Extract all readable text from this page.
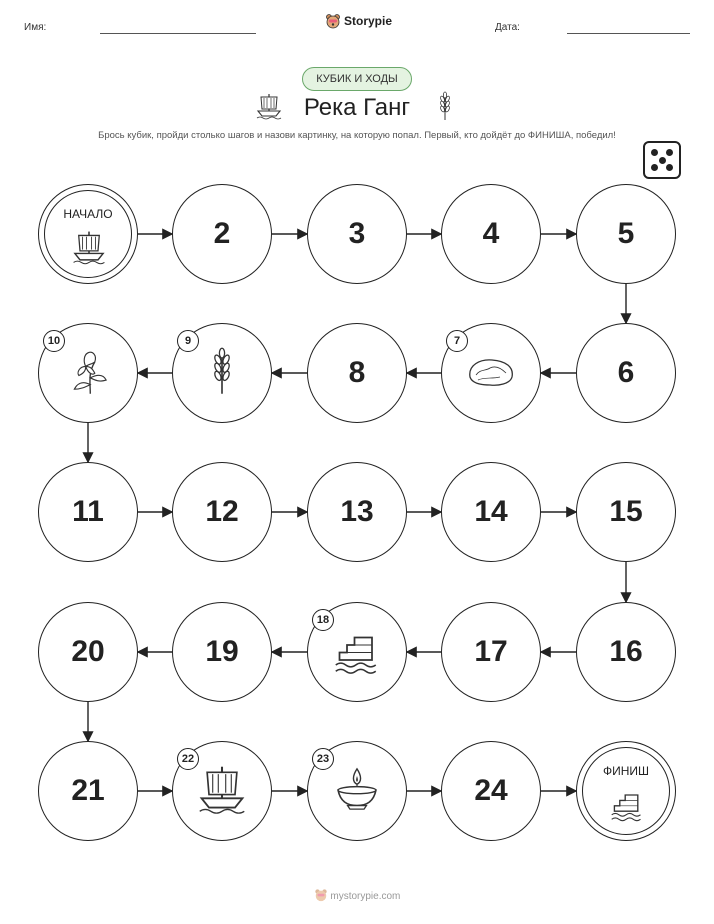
Имя:	Storypie	Дата:
КУБИК И ХОДЫ
Река Ганг
Брось кубик, пройди столько шагов и назови картинку, на которую попал. Первый, кто дойдёт до ФИНИША, победил!
НАЧАЛО
ФИНИШ
2	3	4	5
6
7
8
9
10
11	12	13	14	15
16
17
18
19
20
21
22	23
24
mystorypie.com
